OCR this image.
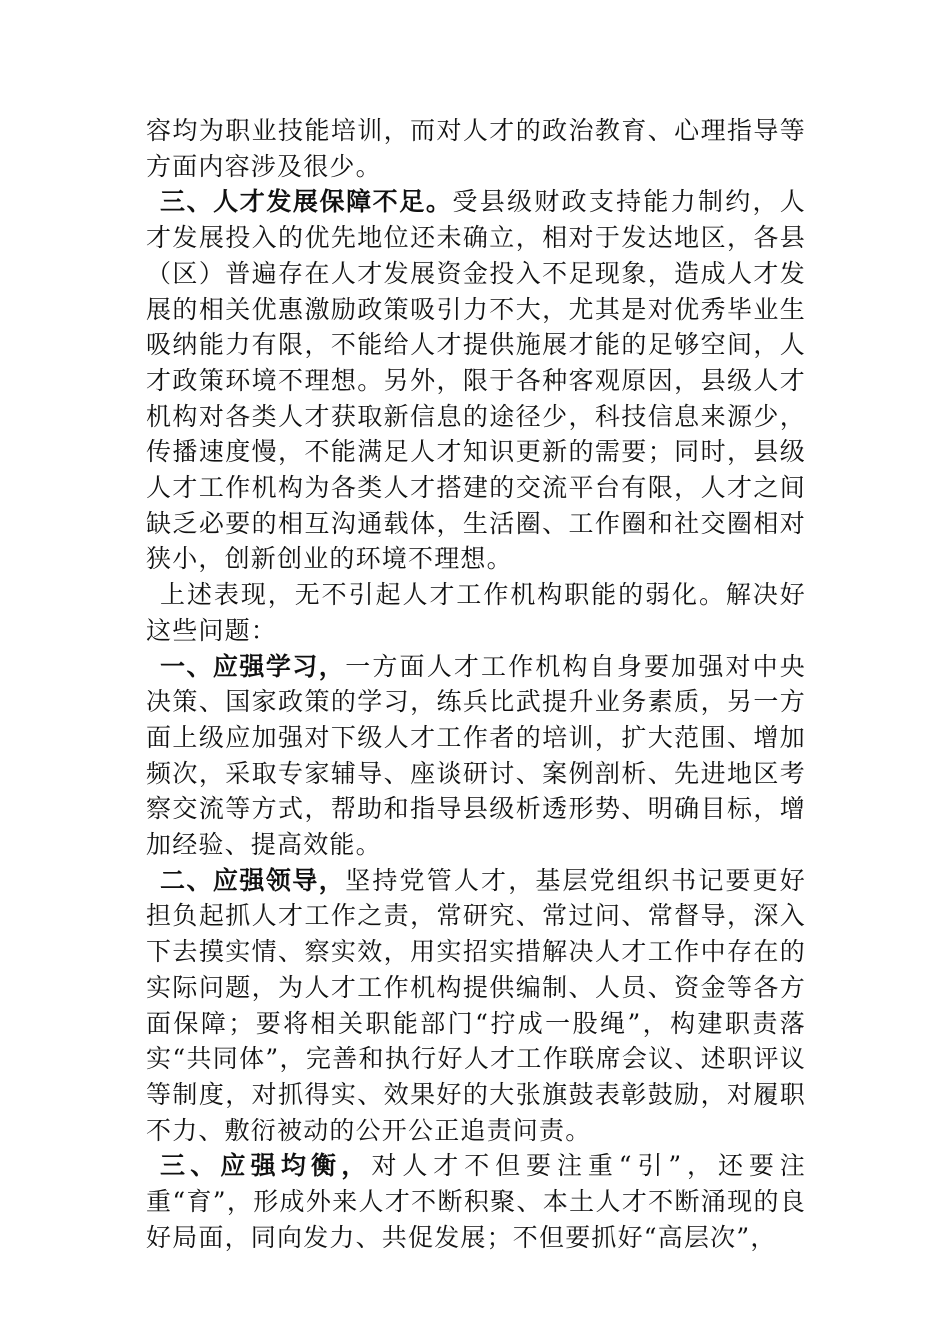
容均为职业技能培训，而对人才的政治教育、心理指导等方面内容涉及很少。

三、人才发展保障不足。受县级财政支持能力制约，人才发展投入的优先地位还未确立，相对于发达地区，各县（区）普遍存在人才发展资金投入不足现象，造成人才发展的相关优惠激励政策吸引力不大，尤其是对优秀毕业生吸纳能力有限，不能给人才提供施展才能的足够空间，人才政策环境不理想。另外，限于各种客观原因，县级人才机构对各类人才获取新信息的途径少，科技信息来源少，传播速度慢，不能满足人才知识更新的需要；同时，县级人才工作机构为各类人才搭建的交流平台有限，人才之间缺乏必要的相互沟通载体，生活圈、工作圈和社交圈相对狭小，创新创业的环境不理想。

上述表现，无不引起人才工作机构职能的弱化。解决好这些问题：

一、应强学习，一方面人才工作机构自身要加强对中央决策、国家政策的学习，练兵比武提升业务素质，另一方面上级应加强对下级人才工作者的培训，扩大范围、增加频次，采取专家辅导、座谈研讨、案例剖析、先进地区考察交流等方式，帮助和指导县级析透形势、明确目标，增加经验、提高效能。

二、应强领导，坚持党管人才，基层党组织书记要更好担负起抓人才工作之责，常研究、常过问、常督导，深入下去摸实情、察实效，用实招实措解决人才工作中存在的实际问题，为人才工作机构提供编制、人员、资金等各方面保障；要将相关职能部门“拧成一股绳”，构建职责落实“共同体”，完善和执行好人才工作联席会议、述职评议等制度，对抓得实、效果好的大张旗鼓表彰鼓励，对履职不力、敷衍被动的公开公正追责问责。

三、应强均衡，对人才不但要注重“引”，还要注重“育”，形成外来人才不断积聚、本土人才不断涌现的良好局面，同向发力、共促发展；不但要抓好“高层次”，
